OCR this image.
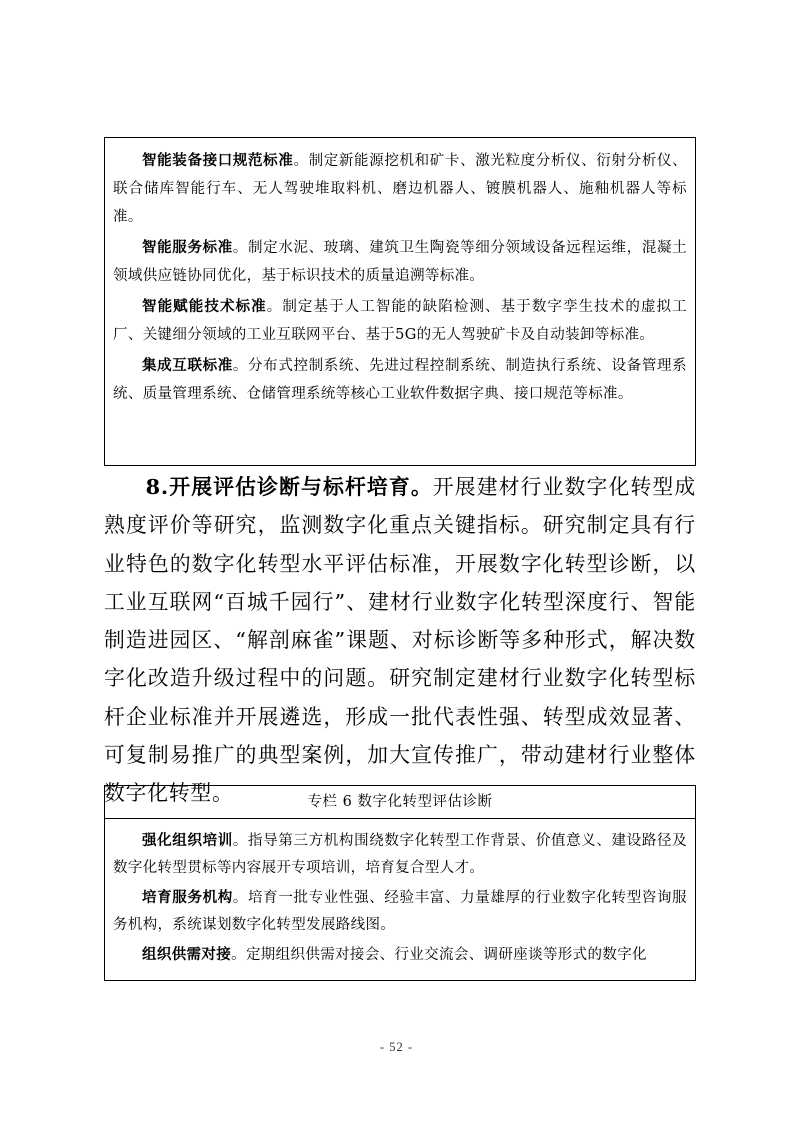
智能装备接口规范标准。制定新能源挖机和矿卡、激光粒度分析仪、衍射分析仪、联合储库智能行车、无人驾驶堆取料机、磨边机器人、镀膜机器人、施釉机器人等标准。

智能服务标准。制定水泥、玻璃、建筑卫生陶瓷等细分领域设备远程运维，混凝土领域供应链协同优化，基于标识技术的质量追溯等标准。

智能赋能技术标准。制定基于人工智能的缺陷检测、基于数字孪生技术的虚拟工厂、关键细分领域的工业互联网平台、基于5G的无人驾驶矿卡及自动装卸等标准。

集成互联标准。分布式控制系统、先进过程控制系统、制造执行系统、设备管理系统、质量管理系统、仓储管理系统等核心工业软件数据字典、接口规范等标准。

8.开展评估诊断与标杆培育。开展建材行业数字化转型成熟度评价等研究，监测数字化重点关键指标。研究制定具有行业特色的数字化转型水平评估标准，开展数字化转型诊断，以工业互联网“百城千园行”、建材行业数字化转型深度行、智能制造进园区、“解剖麻雀”课题、对标诊断等多种形式，解决数字化改造升级过程中的问题。研究制定建材行业数字化转型标杆企业标准并开展遴选，形成一批代表性强、转型成效显著、可复制易推广的典型案例，加大宣传推广，带动建材行业整体数字化转型。	专栏 6 数字化转型评估诊断

强化组织培训。指导第三方机构围绕数字化转型工作背景、价值意义、建设路径及数字化转型贯标等内容展开专项培训，培育复合型人才。

培育服务机构。培育一批专业性强、经验丰富、力量雄厚的行业数字化转型咨询服务机构，系统谋划数字化转型发展路线图。

组织供需对接。定期组织供需对接会、行业交流会、调研座谈等形式的数字化

- 52 -
